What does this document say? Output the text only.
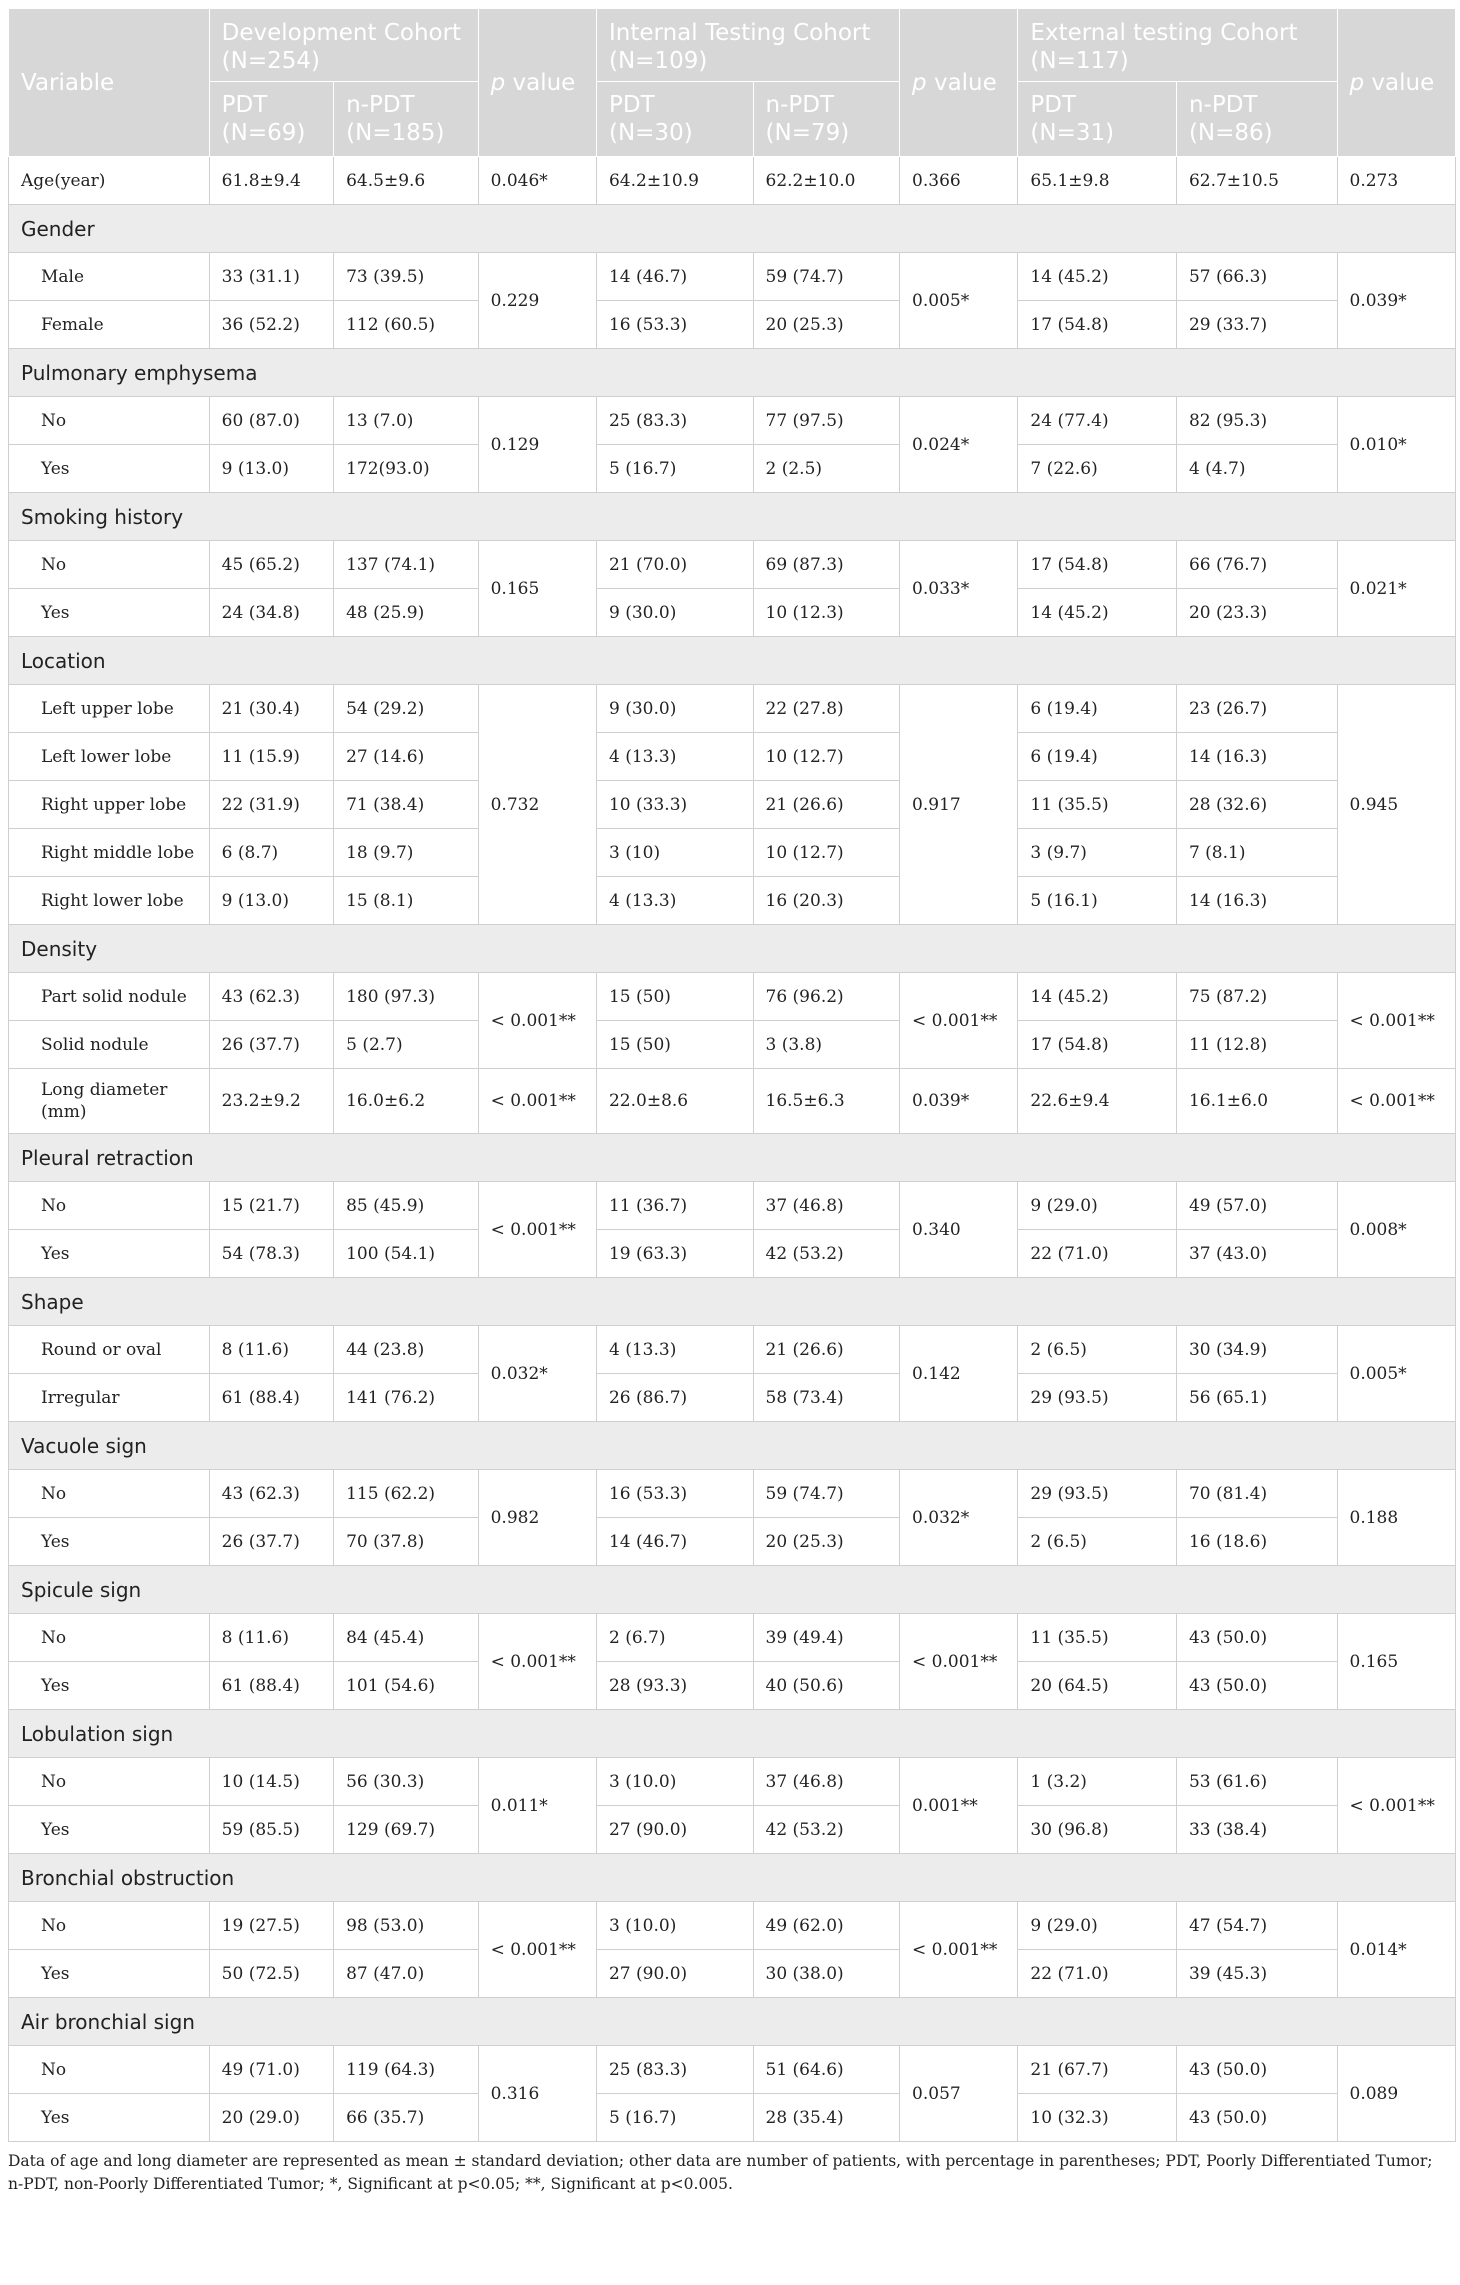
Variable	Development Cohort (N=254)		p value	Internal Testing Cohort (N=109)		p value	External testing Cohort (N=117)		p value
	PDT (N=69)	n-PDT (N=185)		PDT (N=30)	n-PDT (N=79)		PDT (N=31)	n-PDT (N=86)	
Age(year)	61.8±9.4	64.5±9.6	0.046*	64.2±10.9	62.2±10.0	0.366	65.1±9.8	62.7±10.5	0.273
Gender									
Male	33 (31.1)	73 (39.5)	0.229	14 (46.7)	59 (74.7)	0.005*	14 (45.2)	57 (66.3)	0.039*
Female	36 (52.2)	112 (60.5)		16 (53.3)	20 (25.3)		17 (54.8)	29 (33.7)	
Pulmonary emphysema									
No	60 (87.0)	13 (7.0)	0.129	25 (83.3)	77 (97.5)	0.024*	24 (77.4)	82 (95.3)	0.010*
Yes	9 (13.0)	172(93.0)		5 (16.7)	2 (2.5)		7 (22.6)	4 (4.7)	
Smoking history									
No	45 (65.2)	137 (74.1)	0.165	21 (70.0)	69 (87.3)	0.033*	17 (54.8)	66 (76.7)	0.021*
Yes	24 (34.8)	48 (25.9)		9 (30.0)	10 (12.3)		14 (45.2)	20 (23.3)	
Location									
Left upper lobe	21 (30.4)	54 (29.2)	0.732	9 (30.0)	22 (27.8)	0.917	6 (19.4)	23 (26.7)	0.945
Left lower lobe	11 (15.9)	27 (14.6)		4 (13.3)	10 (12.7)		6 (19.4)	14 (16.3)	
Right upper lobe	22 (31.9)	71 (38.4)		10 (33.3)	21 (26.6)		11 (35.5)	28 (32.6)	
Right middle lobe	6 (8.7)	18 (9.7)		3 (10)	10 (12.7)		3 (9.7)	7 (8.1)	
Right lower lobe	9 (13.0)	15 (8.1)		4 (13.3)	16 (20.3)		5 (16.1)	14 (16.3)	
Density									
Part solid nodule	43 (62.3)	180 (97.3)	< 0.001**	15 (50)	76 (96.2)	< 0.001**	14 (45.2)	75 (87.2)	< 0.001**
Solid nodule	26 (37.7)	5 (2.7)		15 (50)	3 (3.8)		17 (54.8)	11 (12.8)	
Long diameter (mm)	23.2±9.2	16.0±6.2	< 0.001**	22.0±8.6	16.5±6.3	0.039*	22.6±9.4	16.1±6.0	< 0.001**
Pleural retraction									
No	15 (21.7)	85 (45.9)	< 0.001**	11 (36.7)	37 (46.8)	0.340	9 (29.0)	49 (57.0)	0.008*
Yes	54 (78.3)	100 (54.1)		19 (63.3)	42 (53.2)		22 (71.0)	37 (43.0)	
Shape									
Round or oval	8 (11.6)	44 (23.8)	0.032*	4 (13.3)	21 (26.6)	0.142	2 (6.5)	30 (34.9)	0.005*
Irregular	61 (88.4)	141 (76.2)		26 (86.7)	58 (73.4)		29 (93.5)	56 (65.1)	
Vacuole sign									
No	43 (62.3)	115 (62.2)	0.982	16 (53.3)	59 (74.7)	0.032*	29 (93.5)	70 (81.4)	0.188
Yes	26 (37.7)	70 (37.8)		14 (46.7)	20 (25.3)		2 (6.5)	16 (18.6)	
Spicule sign									
No	8 (11.6)	84 (45.4)	< 0.001**	2 (6.7)	39 (49.4)	< 0.001**	11 (35.5)	43 (50.0)	0.165
Yes	61 (88.4)	101 (54.6)		28 (93.3)	40 (50.6)		20 (64.5)	43 (50.0)	
Lobulation sign									
No	10 (14.5)	56 (30.3)	0.011*	3 (10.0)	37 (46.8)	0.001**	1 (3.2)	53 (61.6)	< 0.001**
Yes	59 (85.5)	129 (69.7)		27 (90.0)	42 (53.2)		30 (96.8)	33 (38.4)	
Bronchial obstruction									
No	19 (27.5)	98 (53.0)	< 0.001**	3 (10.0)	49 (62.0)	< 0.001**	9 (29.0)	47 (54.7)	0.014*
Yes	50 (72.5)	87 (47.0)		27 (90.0)	30 (38.0)		22 (71.0)	39 (45.3)	
Air bronchial sign									
No	49 (71.0)	119 (64.3)	0.316	25 (83.3)	51 (64.6)	0.057	21 (67.7)	43 (50.0)	0.089
Yes	20 (29.0)	66 (35.7)		5 (16.7)	28 (35.4)		10 (32.3)	43 (50.0)	
Data of age and long diameter are represented as mean ± standard deviation; other data are number of patients, with percentage in parentheses; PDT, Poorly Differentiated Tumor; n-PDT, non-Poorly Differentiated Tumor; *, Significant at p<0.05; **, Significant at p<0.005.
